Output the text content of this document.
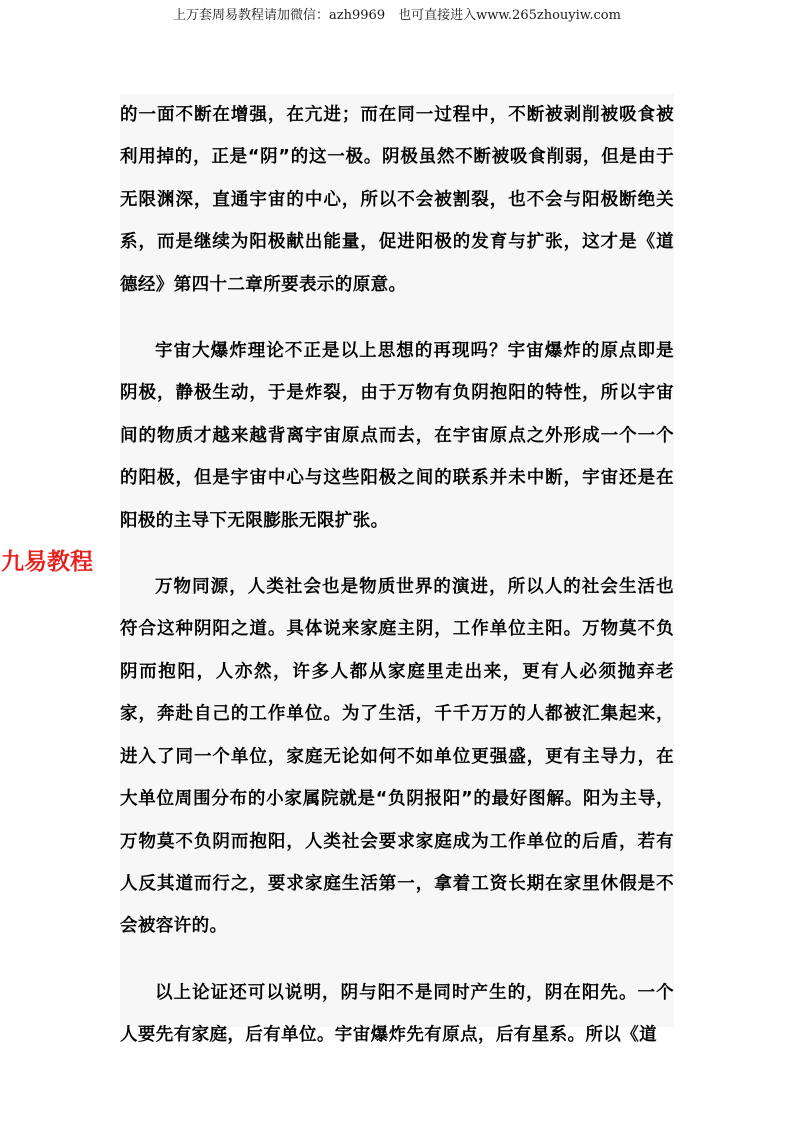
上万套周易教程请加微信：azh9969　也可直接进入www.265zhouyiw.com
九易教程

的一面不断在增强，在亢进；而在同一过程中，不断被剥削被吸食被利用掉的，正是“阴”的这一极。阴极虽然不断被吸食削弱，但是由于无限渊深，直通宇宙的中心，所以不会被割裂，也不会与阳极断绝关系，而是继续为阳极献出能量，促进阳极的发育与扩张，这才是《道德经》第四十二章所要表示的原意。

宇宙大爆炸理论不正是以上思想的再现吗？宇宙爆炸的原点即是阴极，静极生动，于是炸裂，由于万物有负阴抱阳的特性，所以宇宙间的物质才越来越背离宇宙原点而去，在宇宙原点之外形成一个一个的阳极，但是宇宙中心与这些阳极之间的联系并未中断，宇宙还是在阳极的主导下无限膨胀无限扩张。

万物同源，人类社会也是物质世界的演进，所以人的社会生活也符合这种阴阳之道。具体说来家庭主阴，工作单位主阳。万物莫不负阴而抱阳，人亦然，许多人都从家庭里走出来，更有人必须抛弃老家，奔赴自己的工作单位。为了生活，千千万万的人都被汇集起来，进入了同一个单位，家庭无论如何不如单位更强盛，更有主导力，在大单位周围分布的小家属院就是“负阴报阳”的最好图解。阳为主导，万物莫不负阴而抱阳，人类社会要求家庭成为工作单位的后盾，若有人反其道而行之，要求家庭生活第一，拿着工资长期在家里休假是不会被容许的。

以上论证还可以说明，阴与阳不是同时产生的，阴在阳先。一个人要先有家庭，后有单位。宇宙爆炸先有原点，后有星系。所以《道
